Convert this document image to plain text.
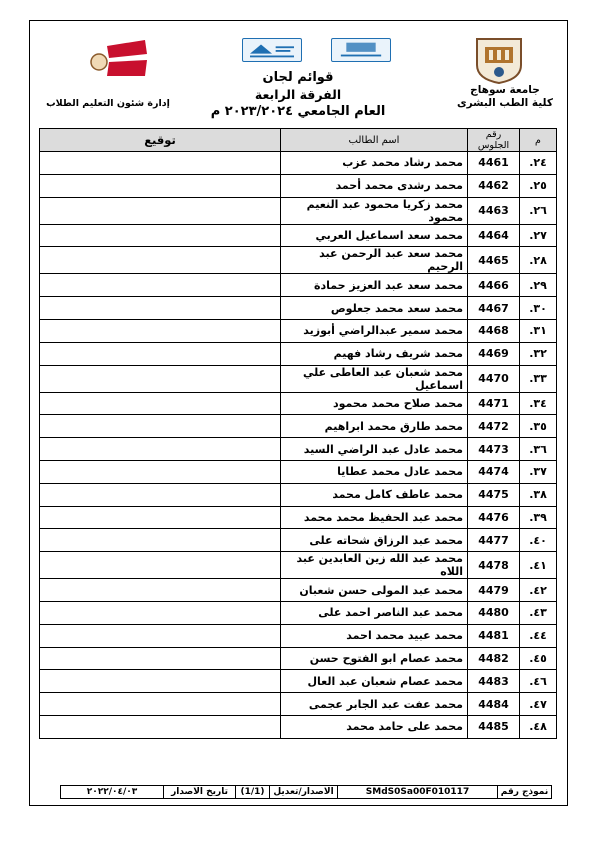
جامعة سوهاج
كلية الطب البشرى
قوائم لجان
الفرقة الرابعة
العام الجامعي ٢٠٢٣/٢٠٢٤ م
إدارة شئون التعليم الطلاب
م	رقم الجلوس	اسم الطالب	توقيع
٢٤.	4461	محمد رشاد محمد عزب	
٢٥.	4462	محمد رشدى محمد أحمد	
٢٦.	4463	محمد زكريا محمود عبد النعيم محمود	
٢٧.	4464	محمد سعد اسماعيل العربي	
٢٨.	4465	محمد سعد عبد الرحمن عبد الرحيم	
٢٩.	4466	محمد سعد عبد العزيز حمادة	
٣٠.	4467	محمد سعد محمد جعلوص	
٣١.	4468	محمد سمير عبدالراضي أبوزيد	
٣٢.	4469	محمد شريف رشاد فهيم	
٣٣.	4470	محمد شعبان عبد العاطى علي اسماعيل	
٣٤.	4471	محمد صلاح محمد محمود	
٣٥.	4472	محمد طارق محمد ابراهيم	
٣٦.	4473	محمد عادل عبد الراضي السيد	
٣٧.	4474	محمد عادل محمد عطايا	
٣٨.	4475	محمد عاطف كامل محمد	
٣٩.	4476	محمد عبد الحفيظ محمد محمد	
٤٠.	4477	محمد عبد الرزاق شحاته على	
٤١.	4478	محمد عبد الله زين العابدين عبد اللاه	
٤٢.	4479	محمد عبد المولى حسن شعبان	
٤٣.	4480	محمد عبد الناصر احمد على	
٤٤.	4481	محمد عبيد محمد احمد	
٤٥.	4482	محمد عصام ابو الفتوح حسن	
٤٦.	4483	محمد عصام شعبان عبد العال	
٤٧.	4484	محمد عفت عبد الجابر عجمى	
٤٨.	4485	محمد على حامد محمد	
نموذج رقم
SMdS0Sa00F010117
الاصدار/تعديل
(1/1)
تاريخ الاصدار
٢٠٢٢/٠٤/٠٣
